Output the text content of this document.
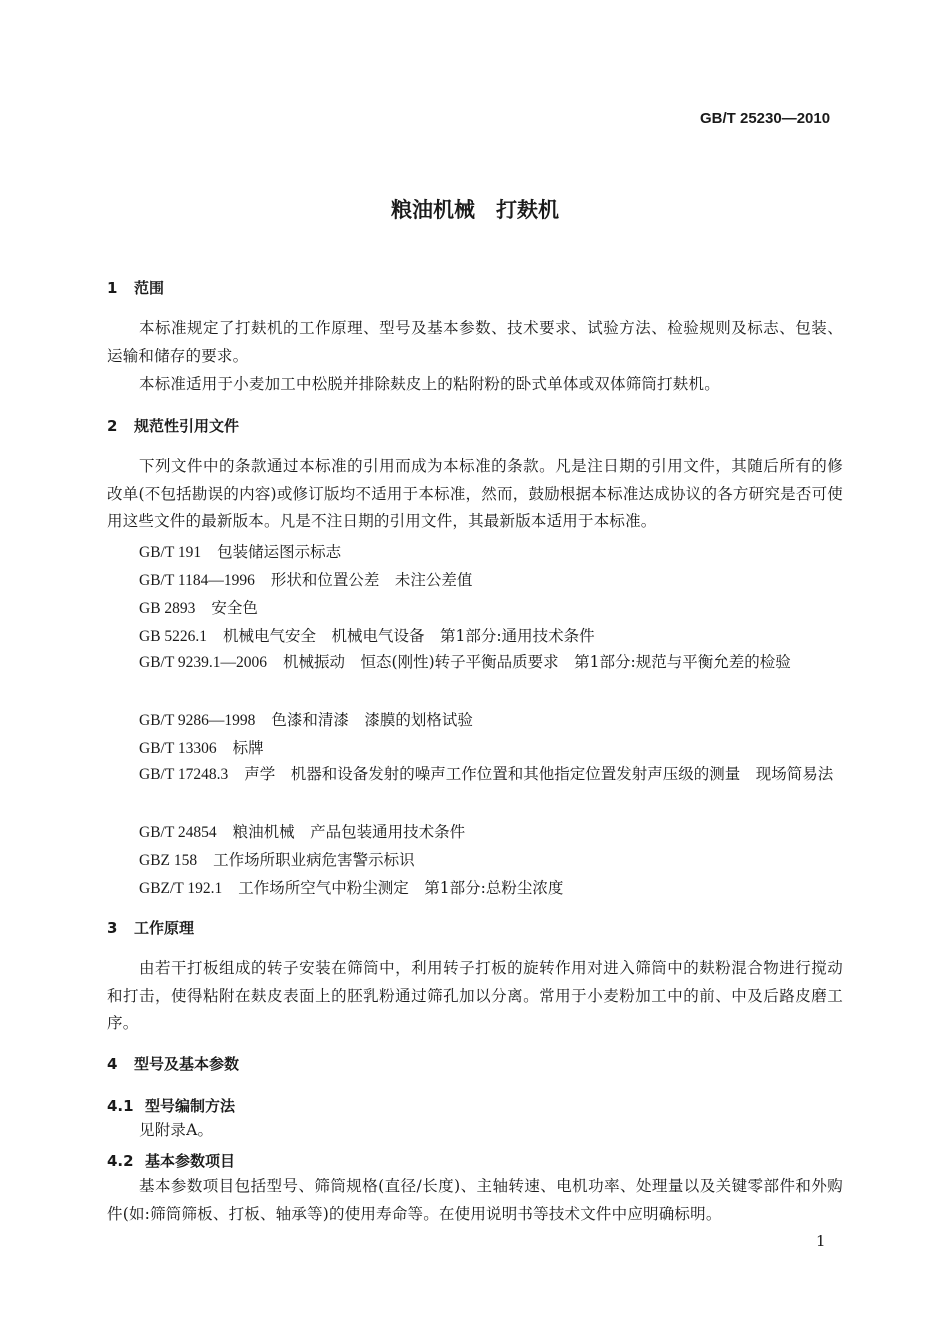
GB/T 25230—2010
粮油机械　打麸机
1 范围
本标准规定了打麸机的工作原理、型号及基本参数、技术要求、试验方法、检验规则及标志、包装、运输和储存的要求。
本标准适用于小麦加工中松脱并排除麸皮上的粘附粉的卧式单体或双体筛筒打麸机。
2 规范性引用文件
下列文件中的条款通过本标准的引用而成为本标准的条款。凡是注日期的引用文件，其随后所有的修改单(不包括勘误的内容)或修订版均不适用于本标准，然而，鼓励根据本标准达成协议的各方研究是否可使用这些文件的最新版本。凡是不注日期的引用文件，其最新版本适用于本标准。
GB/T 191 包装储运图示标志
GB/T 1184—1996 形状和位置公差　未注公差值
GB 2893 安全色
GB 5226.1 机械电气安全　机械电气设备　第1部分:通用技术条件
GB/T 9239.1—2006 机械振动　恒态(刚性)转子平衡品质要求　第1部分:规范与平衡允差的检验
GB/T 9286—1998 色漆和清漆　漆膜的划格试验
GB/T 13306 标牌
GB/T 17248.3 声学　机器和设备发射的噪声工作位置和其他指定位置发射声压级的测量　现场简易法
GB/T 24854 粮油机械　产品包装通用技术条件
GBZ 158 工作场所职业病危害警示标识
GBZ/T 192.1 工作场所空气中粉尘测定　第1部分:总粉尘浓度
3 工作原理
由若干打板组成的转子安装在筛筒中，利用转子打板的旋转作用对进入筛筒中的麸粉混合物进行搅动和打击，使得粘附在麸皮表面上的胚乳粉通过筛孔加以分离。常用于小麦粉加工中的前、中及后路皮磨工序。
4 型号及基本参数
4.1 型号编制方法
见附录A。
4.2 基本参数项目
基本参数项目包括型号、筛筒规格(直径/长度)、主轴转速、电机功率、处理量以及关键零部件和外购件(如:筛筒筛板、打板、轴承等)的使用寿命等。在使用说明书等技术文件中应明确标明。
1
